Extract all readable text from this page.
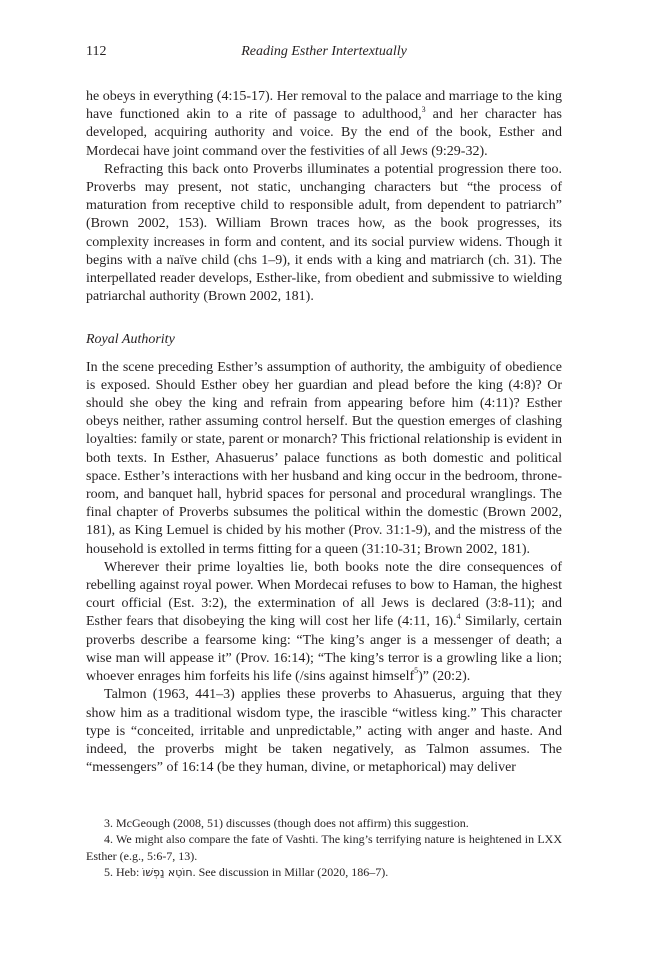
112	Reading Esther Intertextually

he obeys in everything (4:15-17). Her removal to the palace and marriage to the king have functioned akin to a rite of passage to adulthood,$^3$ and her character has developed, acquiring authority and voice. By the end of the book, Esther and Mordecai have joint command over the festivities of all Jews (9:29-32).

Refracting this back onto Proverbs illuminates a potential progression there too. Proverbs may present, not static, unchanging characters but “the process of maturation from receptive child to responsible adult, from dependent to patriarch” (Brown 2002, 153). William Brown traces how, as the book progresses, its complexity increases in form and content, and its social purview widens. Though it begins with a naïve child (chs 1–9), it ends with a king and matriarch (ch. 31). The interpellated reader develops, Esther-like, from obedient and submissive to wielding patriarchal authority (Brown 2002, 181).

Royal Authority

In the scene preceding Esther’s assumption of authority, the ambiguity of obedience is exposed. Should Esther obey her guardian and plead before the king (4:8)? Or should she obey the king and refrain from appearing before him (4:11)? Esther obeys neither, rather assuming control herself. But the question emerges of clashing loyalties: family or state, parent or monarch? This frictional relationship is evident in both texts. In Esther, Ahasuerus’ palace functions as both domestic and political space. Esther’s interactions with her husband and king occur in the bedroom, throne-room, and banquet hall, hybrid spaces for personal and procedural wranglings. The final chapter of Proverbs subsumes the political within the domestic (Brown 2002, 181), as King Lemuel is chided by his mother (Prov. 31:1-9), and the mistress of the household is extolled in terms fitting for a queen (31:10-31; Brown 2002, 181).

Wherever their prime loyalties lie, both books note the dire consequences of rebelling against royal power. When Mordecai refuses to bow to Haman, the highest court official (Est. 3:2), the extermination of all Jews is declared (3:8-11); and Esther fears that disobeying the king will cost her life (4:11, 16).$^4$ Similarly, certain proverbs describe a fearsome king: “The king’s anger is a messenger of death; a wise man will appease it” (Prov. 16:14); “The king’s terror is a growling like a lion; whoever enrages him forfeits his life (/sins against himself$^5$)” (20:2).

Talmon (1963, 441–3) applies these proverbs to Ahasuerus, arguing that they show him as a traditional wisdom type, the irascible “witless king.” This character type is “conceited, irritable and unpredictable,” acting with anger and haste. And indeed, the proverbs might be taken negatively, as Talmon assumes. The “messengers” of 16:14 (be they human, divine, or metaphorical) may deliver

3. McGeough (2008, 51) discusses (though does not affirm) this suggestion.

4. We might also compare the fate of Vashti. The king’s terrifying nature is heightened in LXX Esther (e.g., 5:6-7, 13).

5. Heb: חוֹטֵא נַפְשׁוֹ. See discussion in Millar (2020, 186–7).
